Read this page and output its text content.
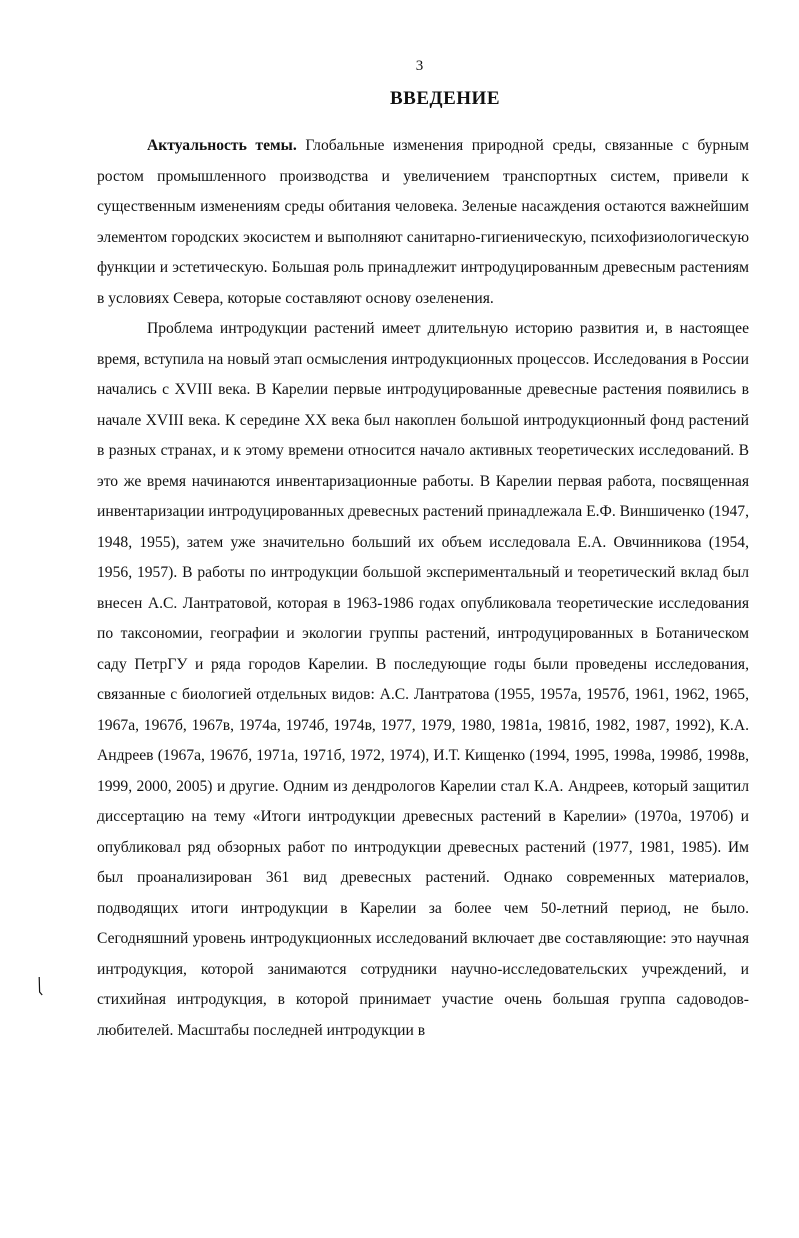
3
ВВЕДЕНИЕ

Актуальность темы. Глобальные изменения природной среды, связанные с бурным ростом промышленного производства и увеличением транспортных систем, привели к существенным изменениям среды обитания человека. Зеленые насаждения остаются важнейшим элементом городских экосистем и выполняют санитарно-гигиеническую, психофизиологическую функции и эстетическую. Большая роль принадлежит интродуцированным древесным растениям в условиях Севера, которые составляют основу озеленения.

Проблема интродукции растений имеет длительную историю развития и, в настоящее время, вступила на новый этап осмысления интродукционных процессов. Исследования в России начались с XVIII века. В Карелии первые интродуцированные древесные растения появились в начале XVIII века. К середине XX века был накоплен большой интродукционный фонд растений в разных странах, и к этому времени относится начало активных теоретических исследований. В это же время начинаются инвентаризационные работы. В Карелии первая работа, посвященная инвентаризации интродуцированных древесных растений принадлежала Е.Ф. Виншиченко (1947, 1948, 1955), затем уже значительно больший их объем исследовала Е.А. Овчинникова (1954, 1956, 1957). В работы по интродукции большой экспериментальный и теоретический вклад был внесен А.С. Лантратовой, которая в 1963-1986 годах опубликовала теоретические исследования по таксономии, географии и экологии группы растений, интродуцированных в Ботаническом саду ПетрГУ и ряда городов Карелии. В последующие годы были проведены исследования, связанные с биологией отдельных видов: А.С. Лантратова (1955, 1957а, 1957б, 1961, 1962, 1965, 1967а, 1967б, 1967в, 1974а, 1974б, 1974в, 1977, 1979, 1980, 1981а, 1981б, 1982, 1987, 1992), К.А. Андреев (1967а, 1967б, 1971а, 1971б, 1972, 1974), И.Т. Кищенко (1994, 1995, 1998а, 1998б, 1998в, 1999, 2000, 2005) и другие. Одним из дендрологов Карелии стал К.А. Андреев, который защитил диссертацию на тему «Итоги интродукции древесных растений в Карелии» (1970а, 1970б) и опубликовал ряд обзорных работ по интродукции древесных растений (1977, 1981, 1985). Им был проанализирован 361 вид древесных растений. Однако современных материалов, подводящих итоги интродукции в Карелии за более чем 50-летний период, не было. Сегодняшний уровень интродукционных исследований включает две составляющие: это научная интродукция, которой занимаются сотрудники научно-исследовательских учреждений, и стихийная интродукция, в которой принимает участие очень большая группа садоводов-любителей. Масштабы последней интродукции в
